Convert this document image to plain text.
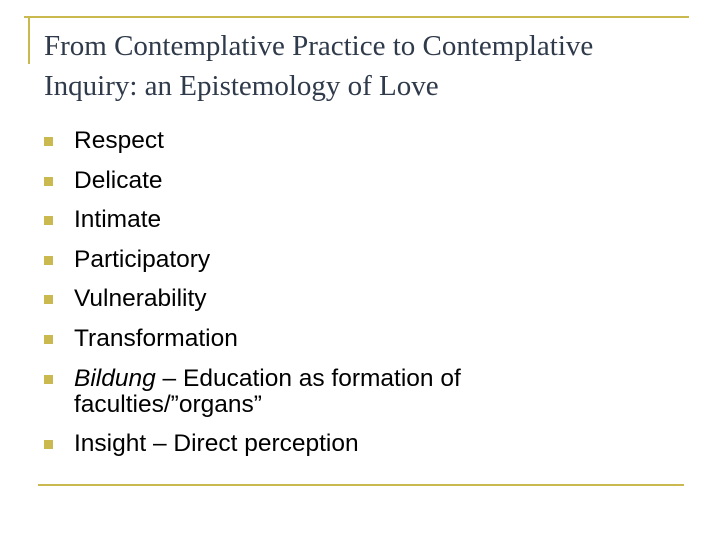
From Contemplative Practice to Contemplative
Inquiry: an Epistemology of Love
Respect
Delicate
Intimate
Participatory
Vulnerability
Transformation
Bildung – Education as formation of
faculties/”organs”
Insight – Direct perception
